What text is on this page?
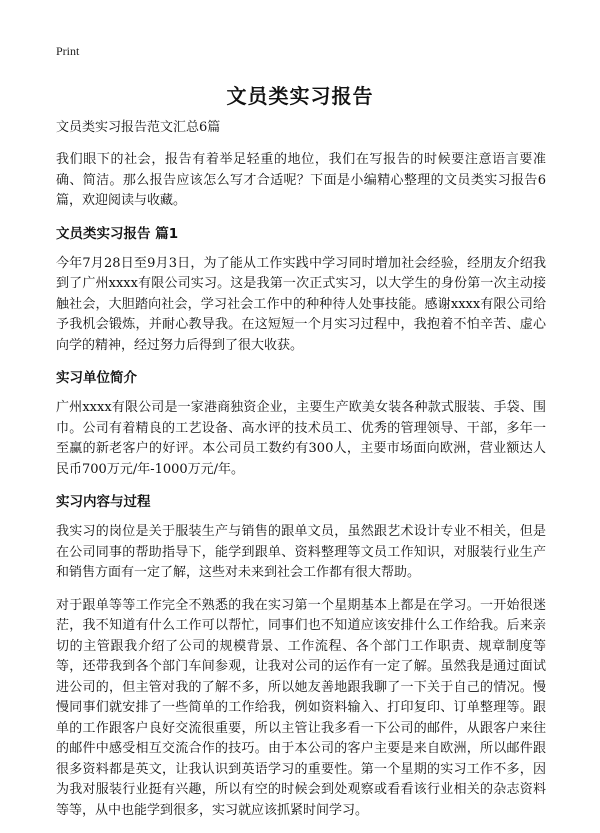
Print
文员类实习报告
文员类实习报告范文汇总6篇

我们眼下的社会，报告有着举足轻重的地位，我们在写报告的时候要注意语言要准确、简洁。那么报告应该怎么写才合适呢？下面是小编精心整理的文员类实习报告6篇，欢迎阅读与收藏。

文员类实习报告 篇1

今年7月28日至9月3日，为了能从工作实践中学习同时增加社会经验，经朋友介绍我到了广州xxxx有限公司实习。这是我第一次正式实习，以大学生的身份第一次主动接触社会，大胆踏向社会，学习社会工作中的种种待人处事技能。感谢xxxx有限公司给予我机会锻炼，并耐心教导我。在这短短一个月实习过程中，我抱着不怕辛苦、虚心向学的精神，经过努力后得到了很大收获。

实习单位简介

广州xxxx有限公司是一家港商独资企业，主要生产欧美女装各种款式服装、手袋、围巾。公司有着精良的工艺设备、高水评的技术员工、优秀的管理领导、干部，多年一至赢的新老客户的好评。本公司员工数约有300人，主要市场面向欧洲，营业额达人民币700万元/年-1000万元/年。

实习内容与过程

我实习的岗位是关于服装生产与销售的跟单文员，虽然跟艺术设计专业不相关，但是在公司同事的帮助指导下，能学到跟单、资料整理等文员工作知识，对服装行业生产和销售方面有一定了解，这些对未来到社会工作都有很大帮助。

对于跟单等等工作完全不熟悉的我在实习第一个星期基本上都是在学习。一开始很迷茫，我不知道有什么工作可以帮忙，同事们也不知道应该安排什么工作给我。后来亲切的主管跟我介绍了公司的规模背景、工作流程、各个部门工作职责、规章制度等等，还带我到各个部门车间参观，让我对公司的运作有一定了解。虽然我是通过面试进公司的，但主管对我的了解不多，所以她友善地跟我聊了一下关于自己的情况。慢慢同事们就安排了一些简单的工作给我，例如资料输入、打印复印、订单整理等。跟单的工作跟客户良好交流很重要，所以主管让我多看一下公司的邮件，从跟客户来往的邮件中感受相互交流合作的技巧。由于本公司的客户主要是来自欧洲，所以邮件跟很多资料都是英文，让我认识到英语学习的重要性。第一个星期的实习工作不多，因为我对服装行业挺有兴趣，所以有空的时候会到处观察或看看该行业相关的杂志资料等等，从中也能学到很多，实习就应该抓紧时间学习。
